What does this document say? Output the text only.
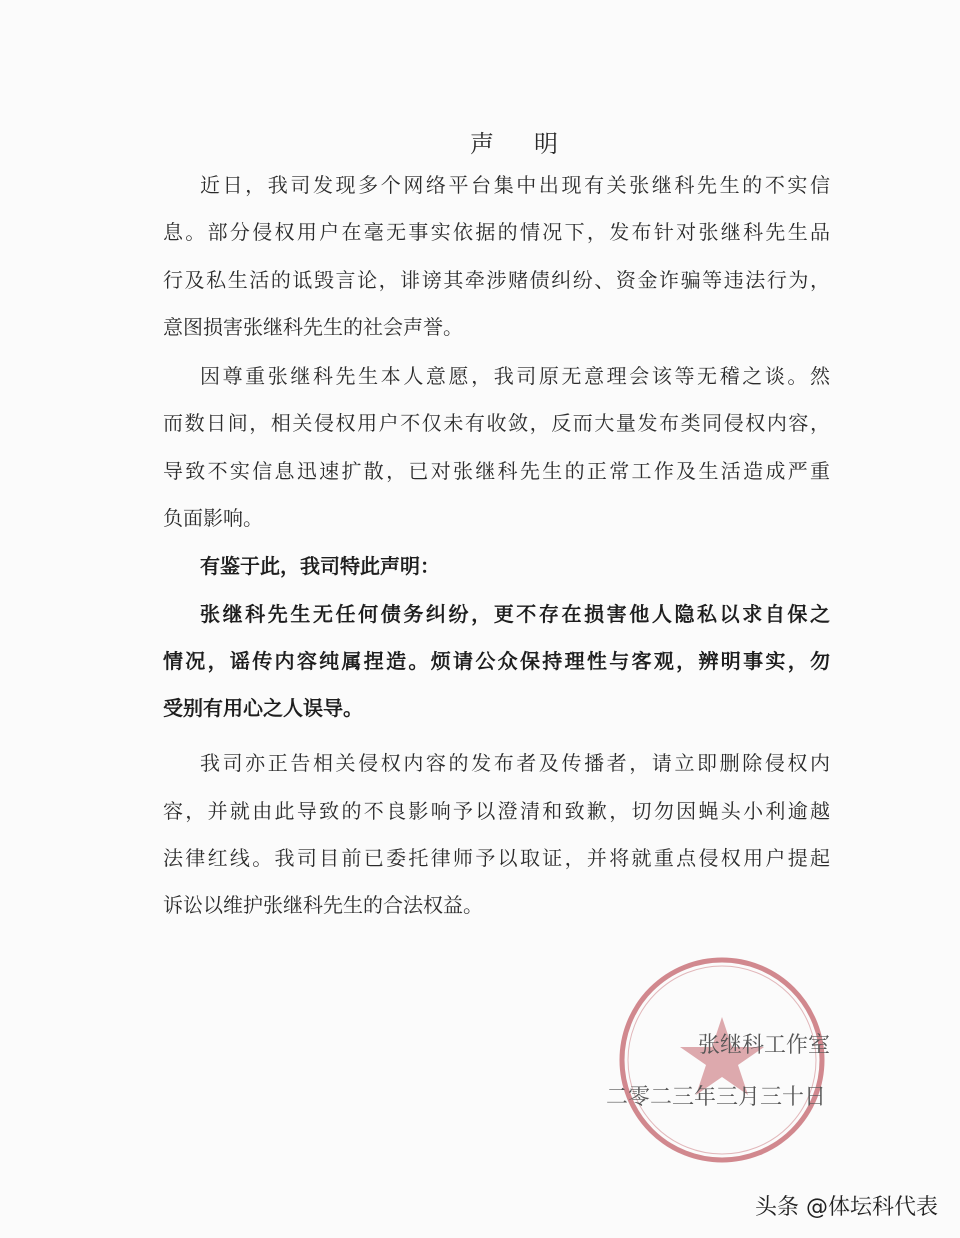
声明
近日，我司发现多个网络平台集中出现有关张继科先生的不实信
息。部分侵权用户在毫无事实依据的情况下，发布针对张继科先生品
行及私生活的诋毁言论，诽谤其牵涉赌债纠纷、资金诈骗等违法行为，
意图损害张继科先生的社会声誉。
因尊重张继科先生本人意愿，我司原无意理会该等无稽之谈。然
而数日间，相关侵权用户不仅未有收敛，反而大量发布类同侵权内容，
导致不实信息迅速扩散，已对张继科先生的正常工作及生活造成严重
负面影响。
有鉴于此，我司特此声明：
张继科先生无任何债务纠纷，更不存在损害他人隐私以求自保之
情况，谣传内容纯属捏造。烦请公众保持理性与客观，辨明事实，勿
受别有用心之人误导。
我司亦正告相关侵权内容的发布者及传播者，请立即删除侵权内
容，并就由此导致的不良影响予以澄清和致歉，切勿因蝇头小利逾越
法律红线。我司目前已委托律师予以取证，并将就重点侵权用户提起
诉讼以维护张继科先生的合法权益。
张继科工作室
二零二三年三月三十日
头条 @体坛科代表
